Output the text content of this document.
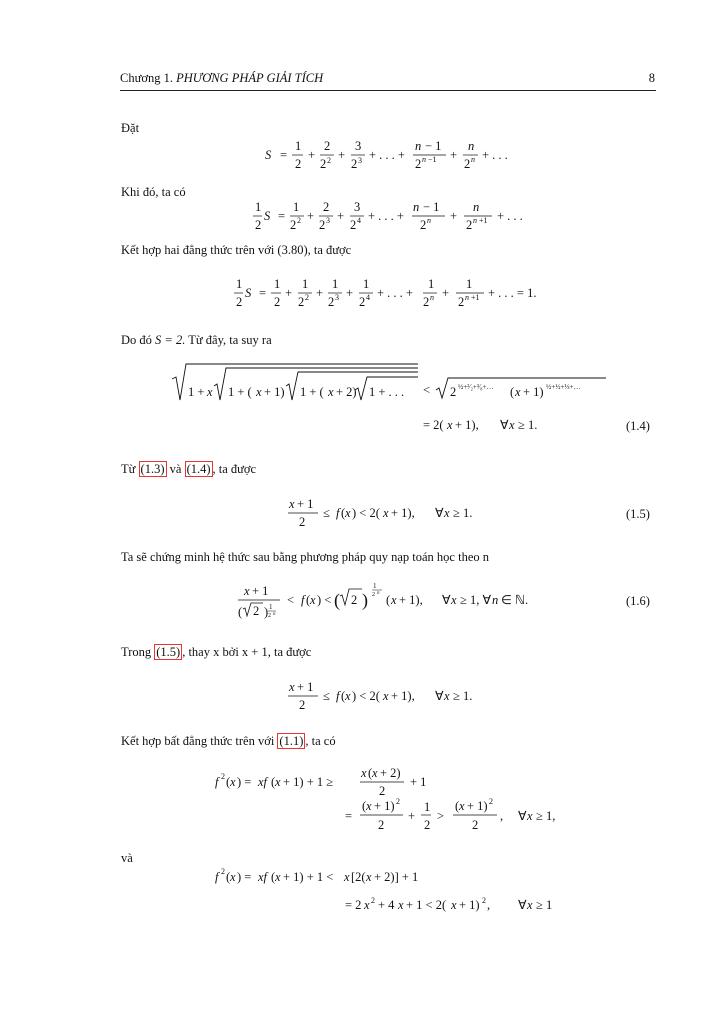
Chương 1. PHƯƠNG PHÁP GIẢI TÍCH	8
Đặt
Khi đó, ta có
Kết hợp hai đẳng thức trên với (3.80), ta được
Do đó S = 2. Từ đây, ta suy ra
Từ (1.3) và (1.4) , ta được
Ta sẽ chứng minh hệ thức sau bằng phương pháp quy nạp toán học theo n
Trong (1.5) , thay x bởi x + 1, ta được
Kết hợp bất đẳng thức trên với (1.1) , ta có
và
(1.4)
(1.5)
(1.6)
S =
1
2
+
2
2 2 +
3
2 3 + . . . +
n − 1
2 n −1 +
n
2 n + . . .
1
2
S =
1
2 2 +
2
2 3 +
3
2 4 + . . . +
n − 1
2 n +
n
2 n +1 + . . .
1
2
S =
1
2
+
1
2 2 +
1
2 3 +
1
2 4 + . . . +
1
2 n +
1
2 n +1 + . . . = 1.
1 + x 1 + ( x + 1) 1 + ( x + 2) 1 + . . . < 2 ½+²⁄₂+³⁄₈+… ( x + 1) ½+½+⅓+…
= 2( x + 1), ∀ x ≥ 1.
x + 1
2
≤ f ( x ) < 2( x + 1), ∀ x ≥ 1.
x + 1
( 2 ) 1
2 n
< f ( x ) < ( 2 )
1
2 n ( x + 1), ∀ x ≥ 1, ∀ n ∈ ℕ.
x + 1
2
≤ f ( x ) < 2( x + 1), ∀ x ≥ 1.
f 2 ( x ) = xf ( x + 1) + 1 ≥
x ( x + 2)
2
+ 1
=
( x + 1) 2
2
+
1
2
>
( x + 1) 2
2
, ∀ x ≥ 1,
f 2 ( x ) = xf ( x + 1) + 1 < x [2( x + 2)] + 1
= 2 x 2 + 4 x + 1 < 2( x + 1) 2 , ∀ x ≥ 1
